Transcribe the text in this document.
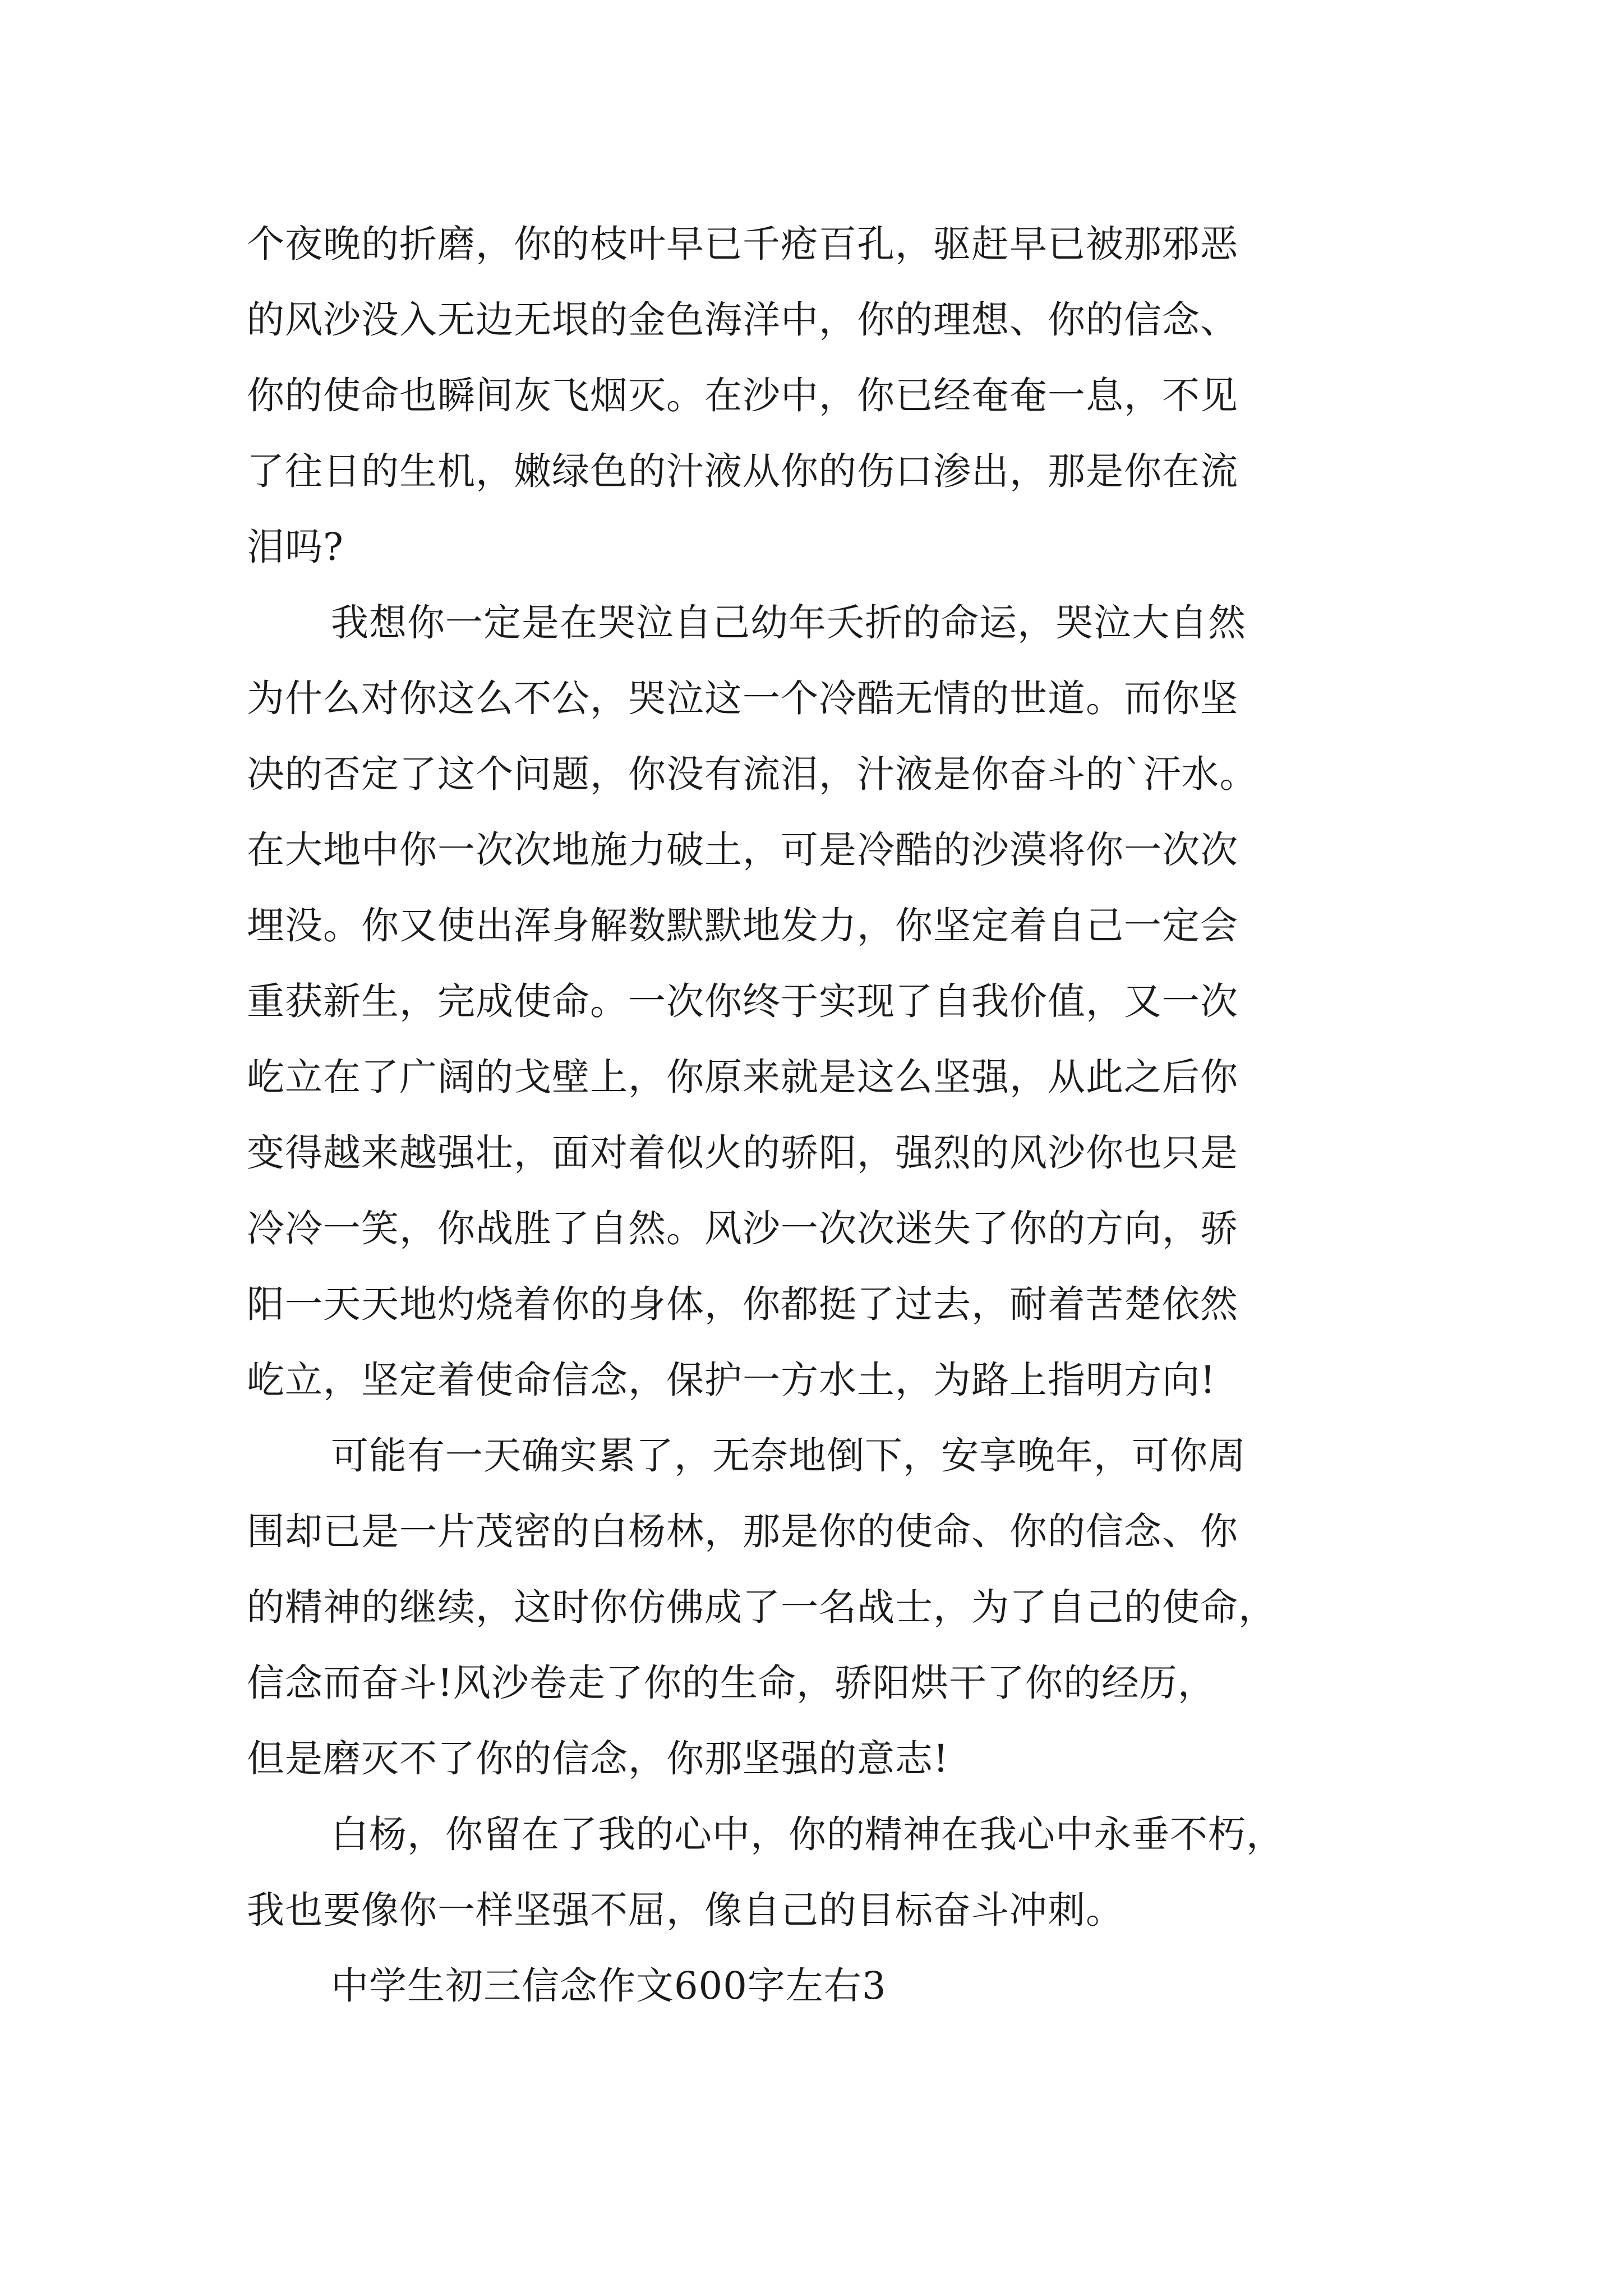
个夜晚的折磨，你的枝叶早已千疮百孔，驱赶早已被那邪恶
的风沙没入无边无垠的金色海洋中，你的理想、你的信念、
你的使命也瞬间灰飞烟灭。在沙中，你已经奄奄一息，不见
了往日的生机，嫩绿色的汁液从你的伤口渗出，那是你在流
泪吗?
我想你一定是在哭泣自己幼年夭折的命运，哭泣大自然
为什么对你这么不公，哭泣这一个冷酷无情的世道。而你坚
决的否定了这个问题，你没有流泪，汁液是你奋斗的`汗水。
在大地中你一次次地施力破土，可是冷酷的沙漠将你一次次
埋没。你又使出浑身解数默默地发力，你坚定着自己一定会
重获新生，完成使命。一次你终于实现了自我价值，又一次
屹立在了广阔的戈壁上，你原来就是这么坚强，从此之后你
变得越来越强壮，面对着似火的骄阳，强烈的风沙你也只是
冷冷一笑，你战胜了自然。风沙一次次迷失了你的方向，骄
阳一天天地灼烧着你的身体，你都挺了过去，耐着苦楚依然
屹立，坚定着使命信念，保护一方水土，为路上指明方向!
可能有一天确实累了，无奈地倒下，安享晚年，可你周
围却已是一片茂密的白杨林，那是你的使命、你的信念、你
的精神的继续，这时你仿佛成了一名战士，为了自己的使命，
信念而奋斗!风沙卷走了你的生命，骄阳烘干了你的经历，
但是磨灭不了你的信念，你那坚强的意志!
白杨，你留在了我的心中，你的精神在我心中永垂不朽，
我也要像你一样坚强不屈，像自己的目标奋斗冲刺。
中学生初三信念作文600字左右3
